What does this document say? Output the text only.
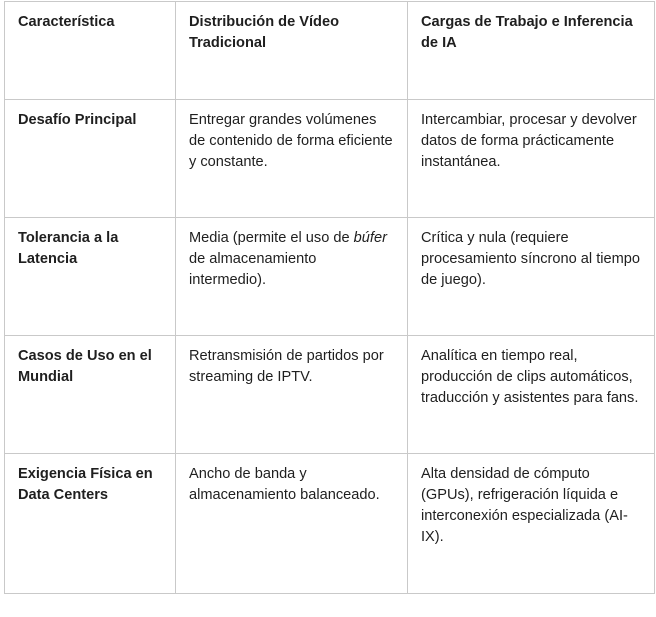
Característica	Distribución de Vídeo Tradicional	Cargas de Trabajo e Inferencia de IA
Desafío Principal	Entregar grandes volúmenes de contenido de forma eficiente y constante.	Intercambiar, procesar y devolver datos de forma prácticamente instantánea.
Tolerancia a la Latencia	Media (permite el uso de búfer de almacenamiento intermedio).	Crítica y nula (requiere procesamiento síncrono al tiempo de juego).
Casos de Uso en el Mundial	Retransmisión de partidos por streaming de IPTV.	Analítica en tiempo real, producción de clips automáticos, traducción y asistentes para fans.
Exigencia Física en Data Centers	Ancho de banda y almacenamiento balanceado.	Alta densidad de cómputo (GPUs), refrigeración líquida e interconexión especializada (AI-IX).
